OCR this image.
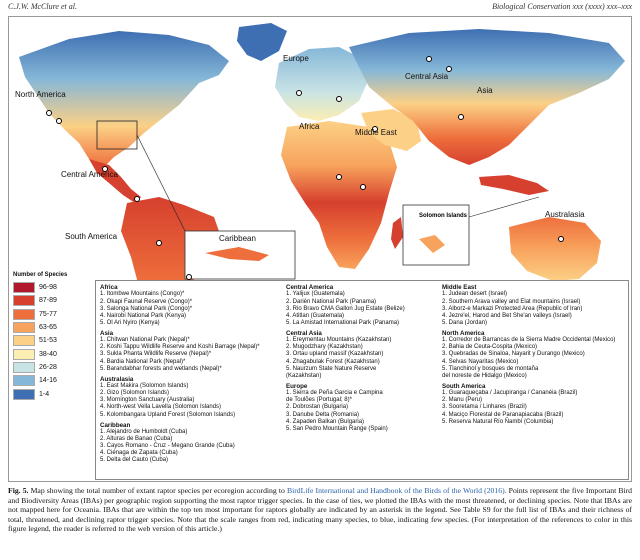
C.J.W. McClure et al.	Biological Conservation xxx (xxxx) xxx–xxx
North America
Central America
South America
Europe
Africa
Middle East
Central Asia
Asia
Australasia
Caribbean
Solomon Islands
Number of Species
96-98
87-89
75-77
63-65
51-53
38-40
26-28
14-16
1-4
Africa
1. Itombwe Mountains (Congo)*
2. Okapi Faunal Reserve (Congo)*
3. Salonga National Park (Congo)*
4. Nairobi National Park (Kenya)
5. Ol Ari Nyiro (Kenya)
Asia
1. Chitwan National Park (Nepal)*
2. Koshi Tappu Wildlife Reserve and Koshi Barrage (Nepal)*
3. Sukla Phanta Wildlife Reserve (Nepal)*
4. Bardia National Park (Nepal)*
5. Barandabhar forests and wetlands (Nepal)*
Australasia
1. East Makira (Solomon Islands)
2. Gizo (Solomon Islands)
3. Mornington Sanctuary (Australia)
4. North-west Vella Lavella (Solomon Islands)
5. Kolombangara Upland Forest (Solomon Islands)
Caribbean
1. Alejandro de Humboldt (Cuba)
2. Alturas de Banao (Cuba)
3. Cayos Romano - Cruz - Megano Grande (Cuba)
4. Ciénaga de Zapata (Cuba)
5. Delta del Cauto (Cuba)
Central America
1. Yalijux (Guatemala)
2. Darién National Park (Panama)
3. Rio Bravo CMA Gallon Jug Estate (Belize)
4. Atitlan (Guatemala)
5. La Amistad International Park (Panama)
Central Asia
1. Ereymentau Mountains (Kazakhstan)
2. Mugodzhary (Kazakhstan)
3. Ortau upland massif (Kazakhstan)
4. Zhagabulak Forest (Kazakhstan)
5. Naurzum State Nature Reserve
(Kazakhstan)
Europe
1. Sierra de Peña Garcia e Campina
de Toulões (Portugal; 8)*
2. Dobrostan (Bulgaria)
3. Danube Delta (Romania)
4. Zapaden Balkan (Bulgaria)
5. San Pedro Mountain Range (Spain)
Middle East
1. Judean desert (Israel)
2. Southern Arava valley and Elat mountains (Israel)
3. Alborz-e Markazi Protected Area (Republic of Iran)
4. Jezre'el, Harod and Bet She'an valleys (Israel)
5. Dana (Jordan)
North America
1. Corredor de Barrancas de la Sierra Madre Occidental (Mexico)
2. Bahia de Ceuta-Cospita (Mexico)
3. Quebradas de Sinaloa, Nayarit y Durango (Mexico)
4. Selvas Nayaritas (Mexico)
5. Tlanchinol y bosques de montaña
del noreste de Hidalgo (Mexico)
South America
1. Guaraqueçaba / Jacupiranga / Cananéia (Brazil)
2. Manu (Peru)
3. Sooretama / Linhares (Brazil)
4. Maciço Florestal de Paranapiacaba (Brazil)
5. Reserva Natural Río Ñambí (Columbia)
Fig. 5. Map showing the total number of extant raptor species per ecoregion according to BirdLife International and Handbook of the Birds of the World (2016). Points represent the five Important Bird and Biodiversity Areas (IBAs) per geographic region supporting the most raptor trigger species. In the case of ties, we plotted the IBAs with the most threatened, or declining species. Note that IBAs are not mapped here for Oceania. IBAs that are within the top ten most important for raptors globally are indicated by an asterisk in the legend. See Table S9 for the full list of IBAs and their richness of total, threatened, and declining raptor trigger species. Note that the scale ranges from red, indicating many species, to blue, indicating few species. (For interpretation of the references to color in this figure legend, the reader is referred to the web version of this article.)
